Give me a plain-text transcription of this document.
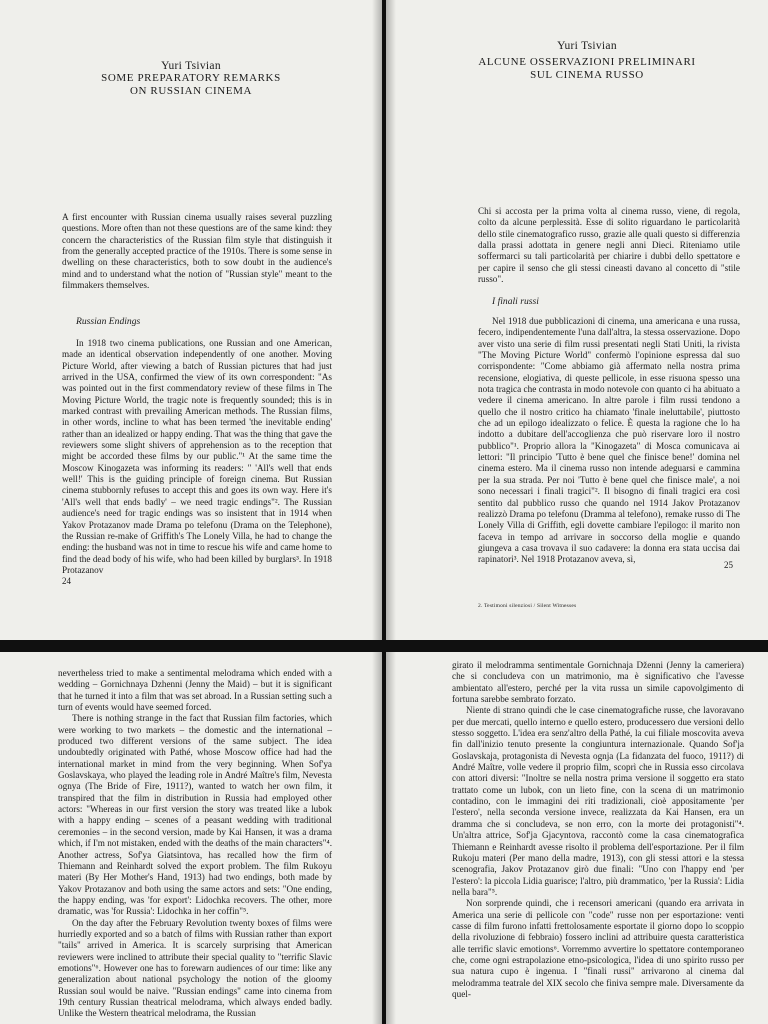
Yuri Tsivian
SOME PREPARATORY REMARKS
ON RUSSIAN CINEMA

A first encounter with Russian cinema usually raises several puzzling questions. More often than not these questions are of the same kind: they concern the characteristics of the Russian film style that distinguish it from the generally accepted practice of the 1910s. There is some sense in dwelling on these characteristics, both to sow doubt in the audience's mind and to understand what the notion of "Russian style" meant to the filmmakers themselves.

Russian Endings

In 1918 two cinema publications, one Russian and one American, made an identical observation independently of one another. Moving Picture World, after viewing a batch of Russian pictures that had just arrived in the USA, confirmed the view of its own correspondent: "As was pointed out in the first commendatory review of these films in The Moving Picture World, the tragic note is frequently sounded; this is in marked contrast with prevailing American methods. The Russian films, in other words, incline to what has been termed 'the inevitable ending' rather than an idealized or happy ending. That was the thing that gave the reviewers some slight shivers of apprehension as to the reception that might be accorded these films by our public."¹ At the same time the Moscow Kinogazeta was informing its readers: " 'All's well that ends well!' This is the guiding principle of foreign cinema. But Russian cinema stubbornly refuses to accept this and goes its own way. Here it's 'All's well that ends badly' – we need tragic endings"². The Russian audience's need for tragic endings was so insistent that in 1914 when Yakov Protazanov made Drama po telefonu (Drama on the Telephone), the Russian re-make of Griffith's The Lonely Villa, he had to change the ending: the husband was not in time to rescue his wife and came home to find the dead body of his wife, who had been killed by burglars³. In 1918 Protazanov

24
Yuri Tsivian
ALCUNE OSSERVAZIONI PRELIMINARI
SUL CINEMA RUSSO

Chi si accosta per la prima volta al cinema russo, viene, di regola, colto da alcune perplessità. Esse di solito riguardano le particolarità dello stile cinematografico russo, grazie alle quali questo si differenzia dalla prassi adottata in genere negli anni Dieci. Riteniamo utile soffermarci su tali particolarità per chiarire i dubbi dello spettatore e per capire il senso che gli stessi cineasti davano al concetto di "stile russo".

I finali russi

Nel 1918 due pubblicazioni di cinema, una americana e una russa, fecero, indipendentemente l'una dall'altra, la stessa osservazione. Dopo aver visto una serie di film russi presentati negli Stati Uniti, la rivista "The Moving Picture World" confermò l'opinione espressa dal suo corrispondente: "Come abbiamo già affermato nella nostra prima recensione, elogiativa, di queste pellicole, in esse risuona spesso una nota tragica che contrasta in modo notevole con quanto ci ha abituato a vedere il cinema americano. In altre parole i film russi tendono a quello che il nostro critico ha chiamato 'finale ineluttabile', piuttosto che ad un epilogo idealizzato o felice. È questa la ragione che lo ha indotto a dubitare dell'accoglienza che può riservare loro il nostro pubblico"¹. Proprio allora la "Kinogazeta" di Mosca comunicava ai lettori: "Il principio 'Tutto è bene quel che finisce bene!' domina nel cinema estero. Ma il cinema russo non intende adeguarsi e cammina per la sua strada. Per noi 'Tutto è bene quel che finisce male', a noi sono necessari i finali tragici"². Il bisogno di finali tragici era così sentito dal pubblico russo che quando nel 1914 Jakov Protazanov realizzò Drama po telefonu (Dramma al telefono), remake russo di The Lonely Villa di Griffith, egli dovette cambiare l'epilogo: il marito non faceva in tempo ad arrivare in soccorso della moglie e quando giungeva a casa trovava il suo cadavere: la donna era stata uccisa dai rapinatori³. Nel 1918 Protazanov aveva, sì,

25
2. Testimoni silenziosi / Silent Witnesses

nevertheless tried to make a sentimental melodrama which ended with a wedding – Gornichnaya Dzhenni (Jenny the Maid) – but it is significant that he turned it into a film that was set abroad. In a Russian setting such a turn of events would have seemed forced.

There is nothing strange in the fact that Russian film factories, which were working to two markets – the domestic and the international – produced two different versions of the same subject. The idea undoubtedly originated with Pathé, whose Moscow office had had the international market in mind from the very beginning. When Sof'ya Goslavskaya, who played the leading role in André Maître's film, Nevesta ognya (The Bride of Fire, 1911?), wanted to watch her own film, it transpired that the film in distribution in Russia had employed other actors: "Whereas in our first version the story was treated like a lubok with a happy ending – scenes of a peasant wedding with traditional ceremonies – in the second version, made by Kai Hansen, it was a drama which, if I'm not mistaken, ended with the deaths of the main characters"⁴. Another actress, Sof'ya Giatsintova, has recalled how the firm of Thiemann and Reinhardt solved the export problem. The film Rukoyu materi (By Her Mother's Hand, 1913) had two endings, both made by Yakov Protazanov and both using the same actors and sets: "One ending, the happy ending, was 'for export': Lidochka recovers. The other, more dramatic, was 'for Russia': Lidochka in her coffin"⁵.

On the day after the February Revolution twenty boxes of films were hurriedly exported and so a batch of films with Russian rather than export "tails" arrived in America. It is scarcely surprising that American reviewers were inclined to attribute their special quality to "terrific Slavic emotions"⁶. However one has to forewarn audiences of our time: like any generalization about national psychology the notion of the gloomy Russian soul would be naive. "Russian endings" came into cinema from 19th century Russian theatrical melodrama, which always ended badly. Unlike the Western theatrical melodrama, the Russian

girato il melodramma sentimentale Gornichnaja Dženni (Jenny la cameriera) che si concludeva con un matrimonio, ma è significativo che l'avesse ambientato all'estero, perché per la vita russa un simile capovolgimento di fortuna sarebbe sembrato forzato.

Niente di strano quindi che le case cinematografiche russe, che lavoravano per due mercati, quello interno e quello estero, producessero due versioni dello stesso soggetto. L'idea era senz'altro della Pathé, la cui filiale moscovita aveva fin dall'inizio tenuto presente la congiuntura internazionale. Quando Sof'ja Goslavskaja, protagonista di Nevesta ognja (La fidanzata del fuoco, 1911?) di André Maître, volle vedere il proprio film, scoprì che in Russia esso circolava con attori diversi: "Inoltre se nella nostra prima versione il soggetto era stato trattato come un lubok, con un lieto fine, con la scena di un matrimonio contadino, con le immagini dei riti tradizionali, cioè appositamente 'per l'estero', nella seconda versione invece, realizzata da Kai Hansen, era un dramma che si concludeva, se non erro, con la morte dei protagonisti"⁴. Un'altra attrice, Sof'ja Gjacyntova, raccontò come la casa cinematografica Thiemann e Reinhardt avesse risolto il problema dell'esportazione. Per il film Rukoju materi (Per mano della madre, 1913), con gli stessi attori e la stessa scenografia, Jakov Protazanov girò due finali: "Uno con l'happy end 'per l'estero': la piccola Lidia guarisce; l'altro, più drammatico, 'per la Russia': Lidia nella bara"⁵.

Non sorprende quindi, che i recensori americani (quando era arrivata in America una serie di pellicole con "code" russe non per esportazione: venti casse di film furono infatti frettolosamente esportate il giorno dopo lo scoppio della rivoluzione di febbraio) fossero inclini ad attribuire questa caratteristica alle terrific slavic emotions⁶. Vorremmo avvertire lo spettatore contemporaneo che, come ogni estrapolazione etno-psicologica, l'idea di uno spirito russo per sua natura cupo è ingenua. I "finali russi" arrivarono al cinema dal melodramma teatrale del XIX secolo che finiva sempre male. Diversamente da quel-
